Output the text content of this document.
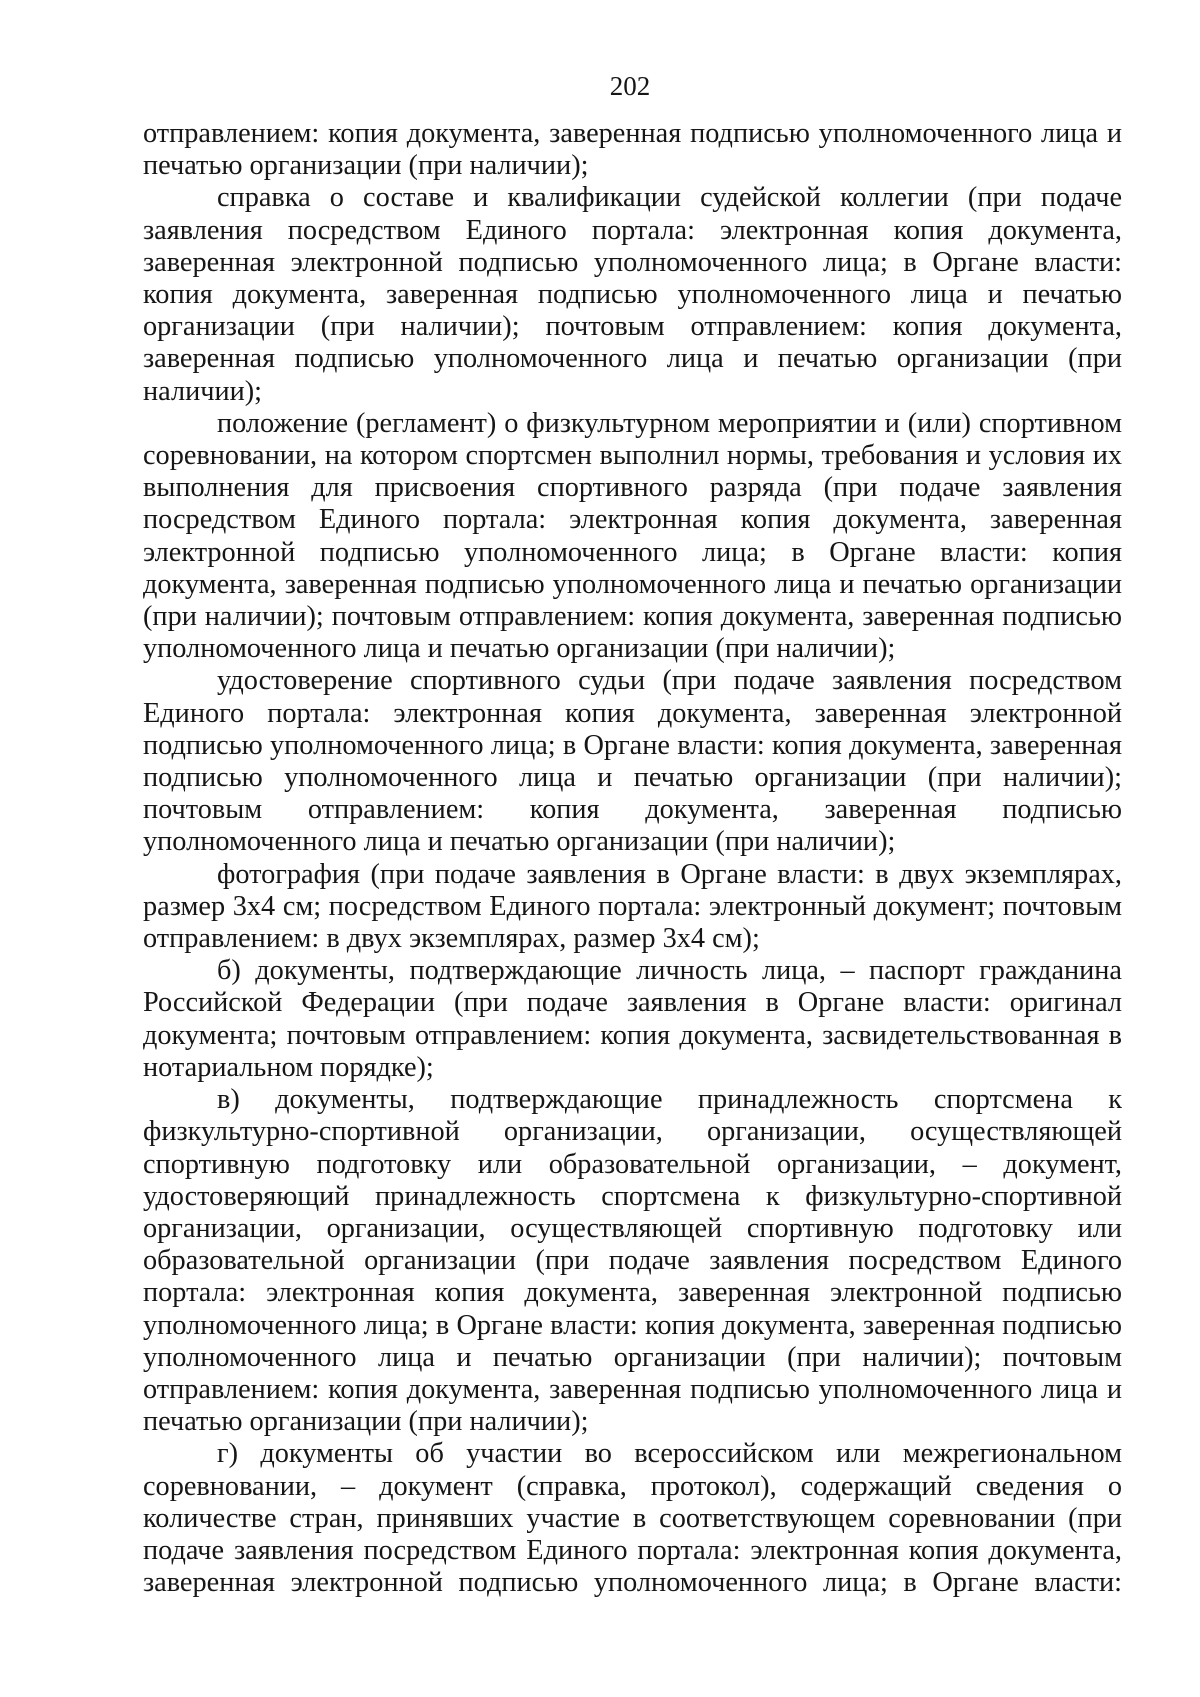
202

отправлением: копия документа, заверенная подписью уполномоченного лица и печатью организации (при наличии);

справка о составе и квалификации судейской коллегии (при подаче заявления посредством Единого портала: электронная копия документа, заверенная электронной подписью уполномоченного лица; в Органе власти: копия документа, заверенная подписью уполномоченного лица и печатью организации (при наличии); почтовым отправлением: копия документа, заверенная подписью уполномоченного лица и печатью организации (при наличии);

положение (регламент) о физкультурном мероприятии и (или) спортивном соревновании, на котором спортсмен выполнил нормы, требования и условия их выполнения для присвоения спортивного разряда (при подаче заявления посредством Единого портала: электронная копия документа, заверенная электронной подписью уполномоченного лица; в Органе власти: копия документа, заверенная подписью уполномоченного лица и печатью организации (при наличии); почтовым отправлением: копия документа, заверенная подписью уполномоченного лица и печатью организации (при наличии);

удостоверение спортивного судьи (при подаче заявления посредством Единого портала: электронная копия документа, заверенная электронной подписью уполномоченного лица; в Органе власти: копия документа, заверенная подписью уполномоченного лица и печатью организации (при наличии); почтовым отправлением: копия документа, заверенная подписью уполномоченного лица и печатью организации (при наличии);

фотография (при подаче заявления в Органе власти: в двух экземплярах, размер 3х4 см; посредством Единого портала: электронный документ; почтовым отправлением: в двух экземплярах, размер 3х4 см);

б) документы, подтверждающие личность лица, – паспорт гражданина Российской Федерации (при подаче заявления в Органе власти: оригинал документа; почтовым отправлением: копия документа, засвидетельствованная в нотариальном порядке);

в) документы, подтверждающие принадлежность спортсмена к физкультурно-спортивной организации, организации, осуществляющей спортивную подготовку или образовательной организации, – документ, удостоверяющий принадлежность спортсмена к физкультурно-спортивной организации, организации, осуществляющей спортивную подготовку или образовательной организации (при подаче заявления посредством Единого портала: электронная копия документа, заверенная электронной подписью уполномоченного лица; в Органе власти: копия документа, заверенная подписью уполномоченного лица и печатью организации (при наличии); почтовым отправлением: копия документа, заверенная подписью уполномоченного лица и печатью организации (при наличии);

г) документы об участии во всероссийском или межрегиональном соревновании, – документ (справка, протокол), содержащий сведения о количестве стран, принявших участие в соответствующем соревновании (при подаче заявления посредством Единого портала: электронная копия документа, заверенная электронной подписью уполномоченного лица; в Органе власти:
